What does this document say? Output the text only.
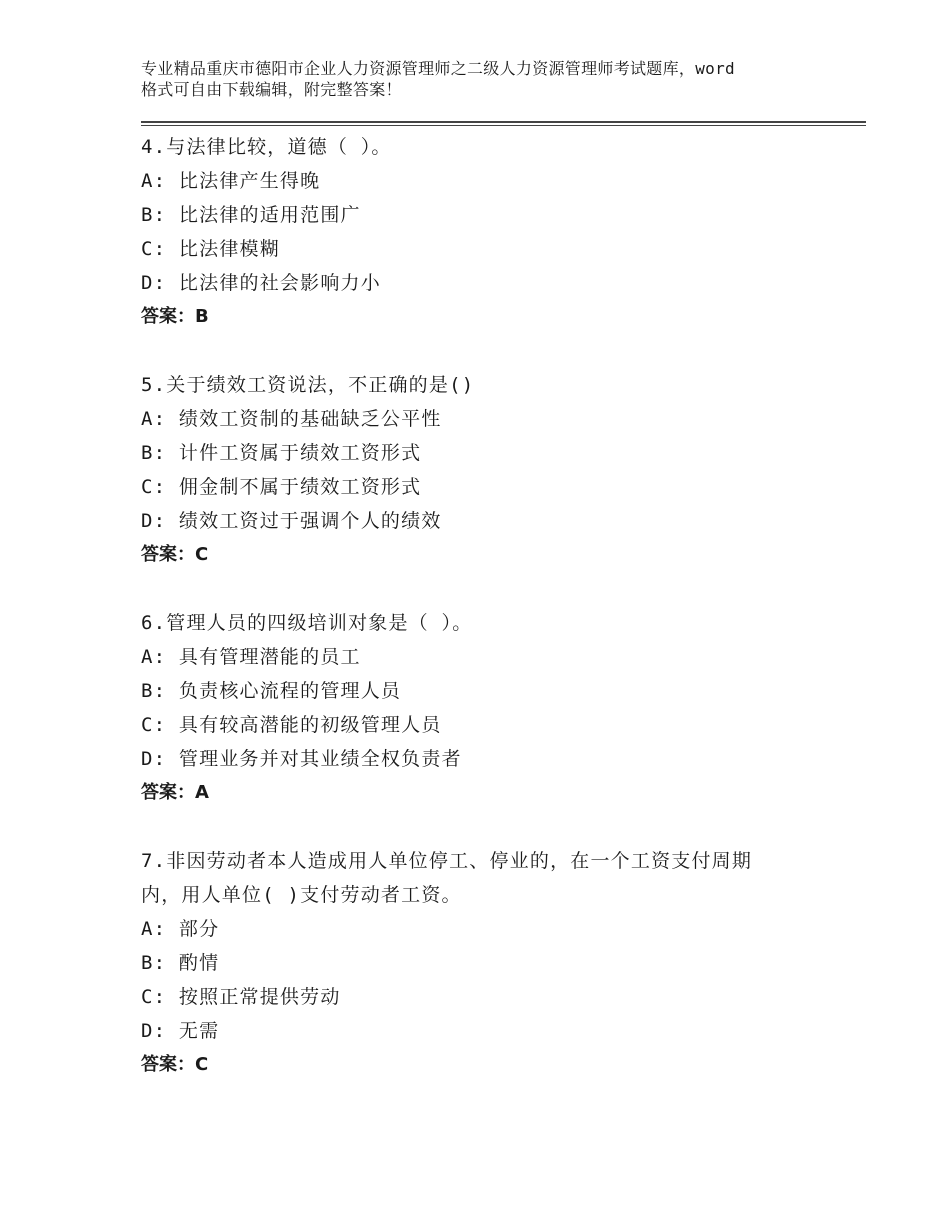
专业精品重庆市德阳市企业人力资源管理师之二级人力资源管理师考试题库，word
格式可自由下载编辑，附完整答案！
4.与法律比较，道德（ ）。
A: 比法律产生得晚
B: 比法律的适用范围广
C: 比法律模糊
D: 比法律的社会影响力小
答案：B
5.关于绩效工资说法，不正确的是()
A: 绩效工资制的基础缺乏公平性
B: 计件工资属于绩效工资形式
C: 佣金制不属于绩效工资形式
D: 绩效工资过于强调个人的绩效
答案：C
6.管理人员的四级培训对象是（ ）。
A: 具有管理潜能的员工
B: 负责核心流程的管理人员
C: 具有较高潜能的初级管理人员
D: 管理业务并对其业绩全权负责者
答案：A
7.非因劳动者本人造成用人单位停工、停业的，在一个工资支付周期
内，用人单位( )支付劳动者工资。
A: 部分
B: 酌情
C: 按照正常提供劳动
D: 无需
答案：C
